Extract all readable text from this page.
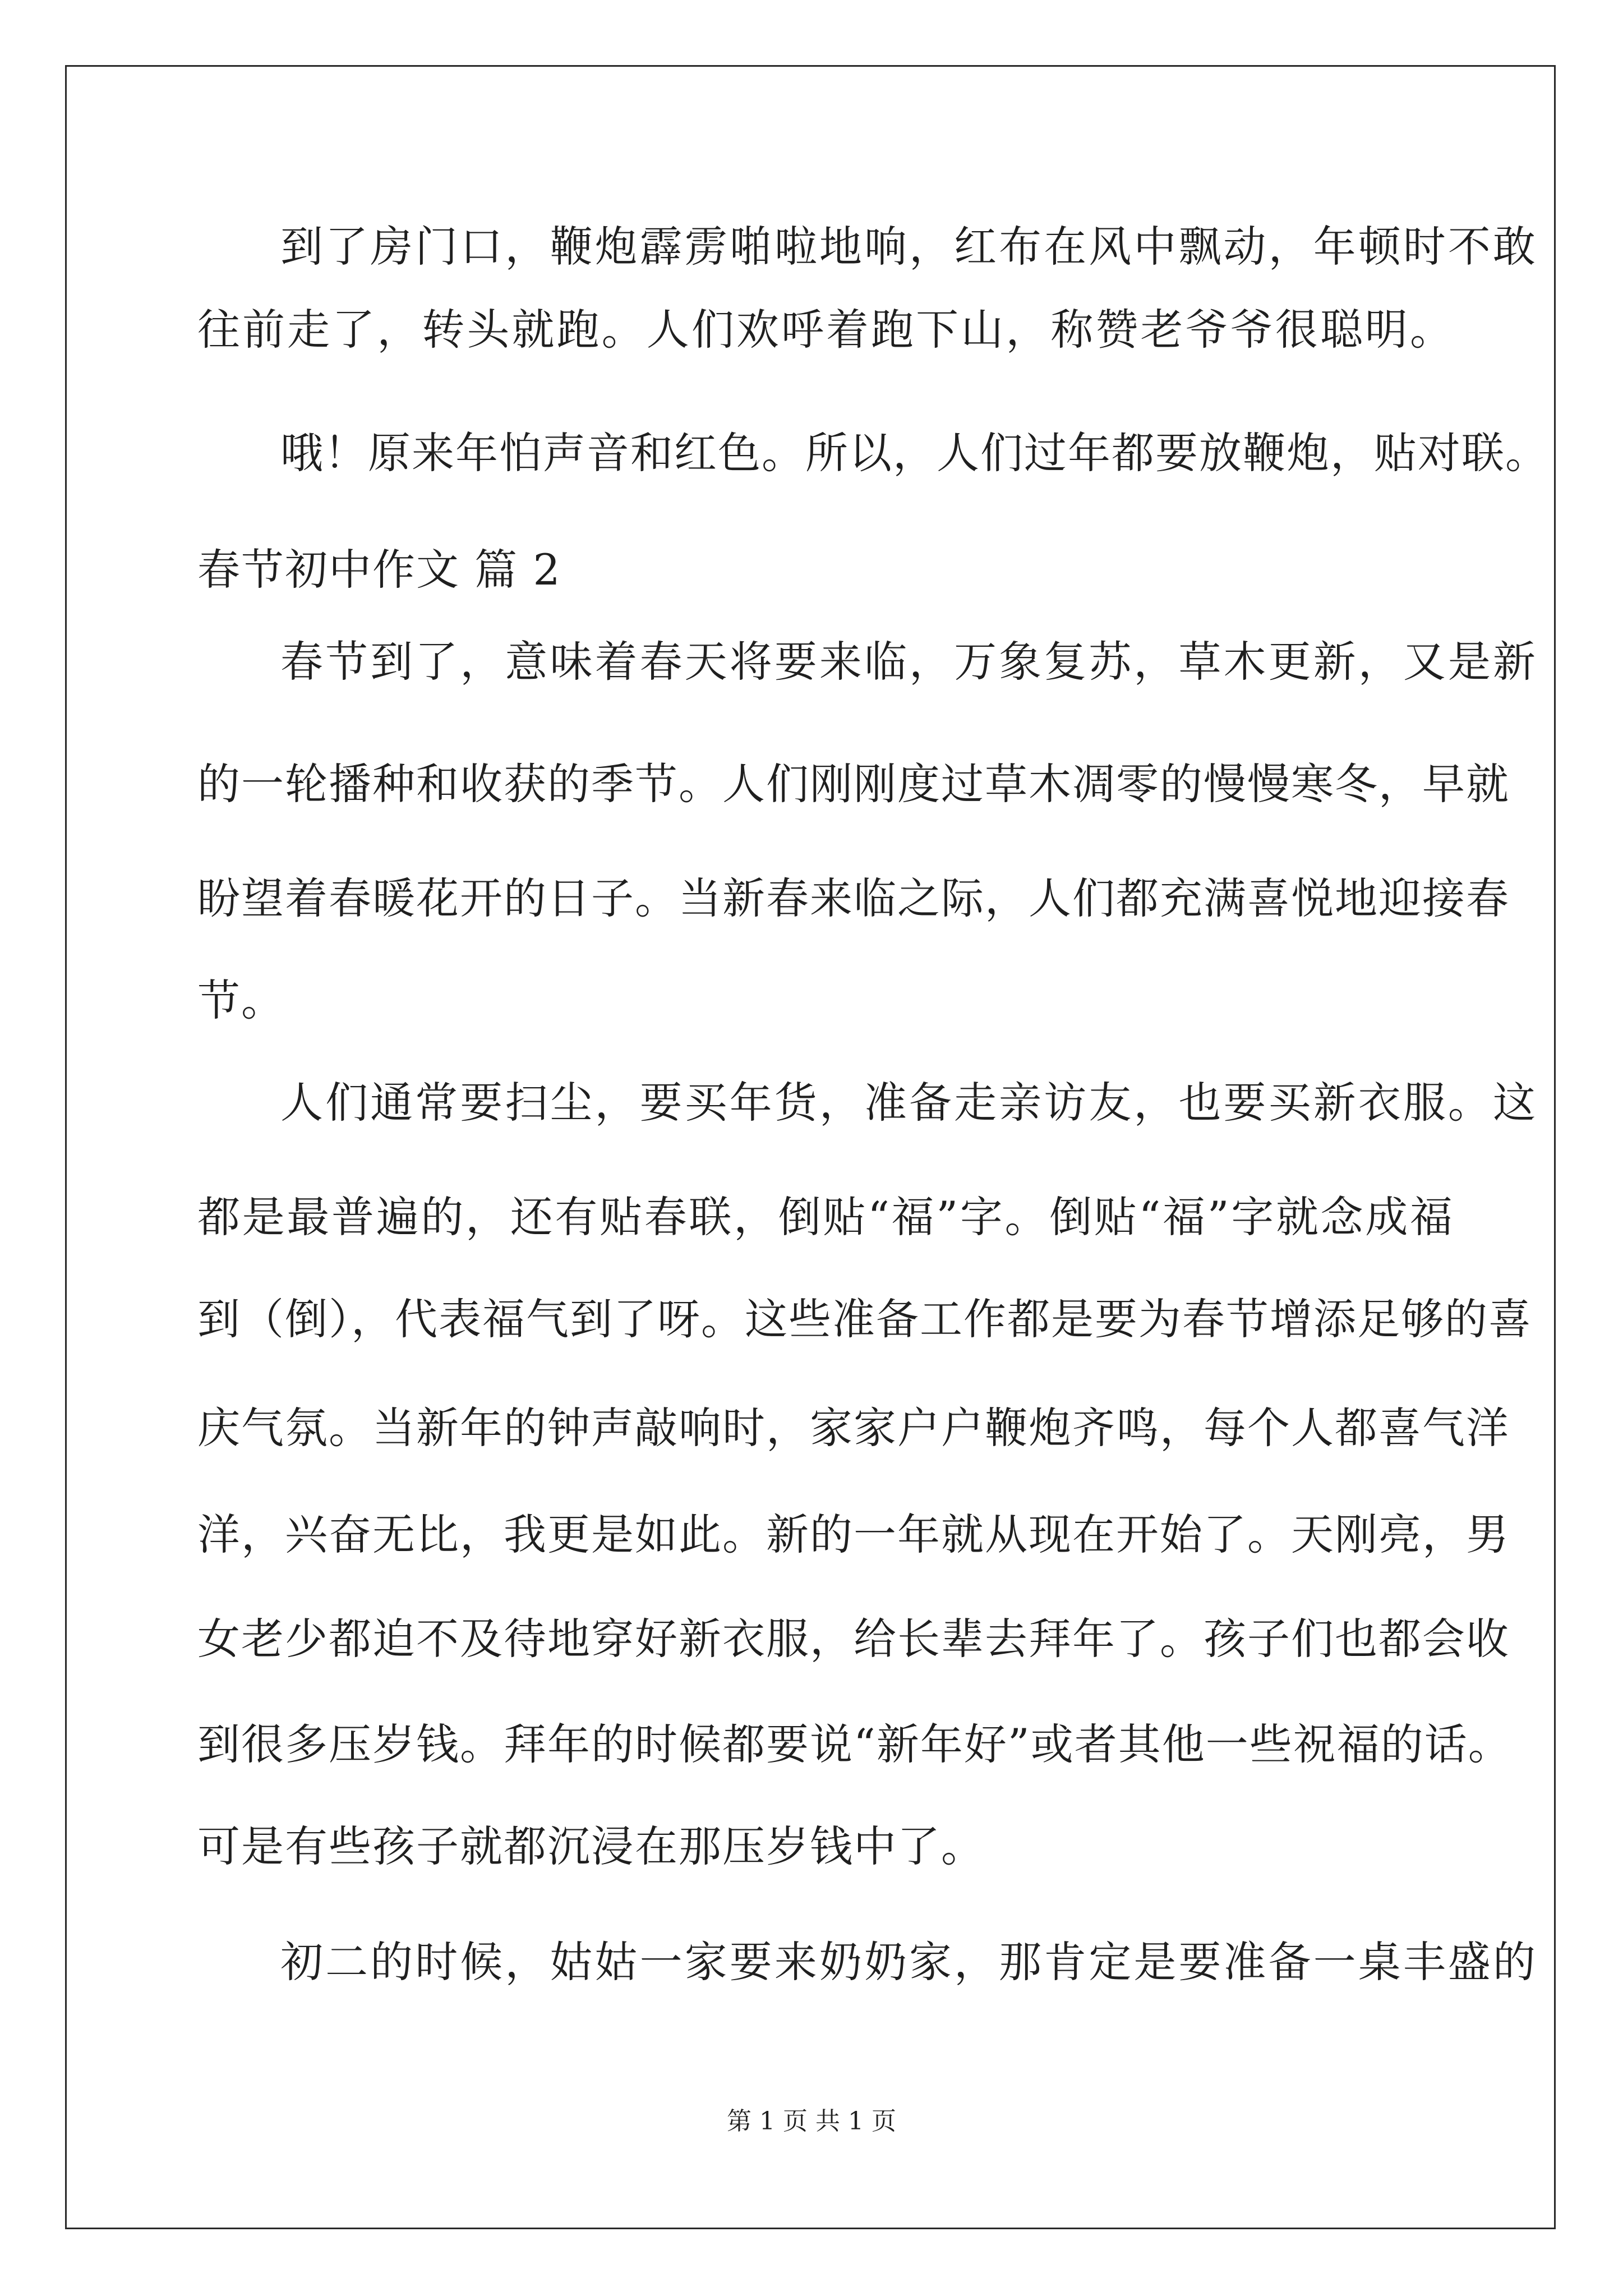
到了房门口，鞭炮霹雳啪啦地响，红布在风中飘动，年顿时不敢
往前走了，转头就跑。人们欢呼着跑下山，称赞老爷爷很聪明。
哦！原来年怕声音和红色。所以，人们过年都要放鞭炮，贴对联。
春节初中作文 篇 2
春节到了，意味着春天将要来临，万象复苏，草木更新，又是新
的一轮播种和收获的季节。人们刚刚度过草木凋零的慢慢寒冬，早就
盼望着春暖花开的日子。当新春来临之际，人们都充满喜悦地迎接春
节。
人们通常要扫尘，要买年货，准备走亲访友，也要买新衣服。这
都是最普遍的，还有贴春联，倒贴“福”字。倒贴“福”字就念成福
到（倒），代表福气到了呀。这些准备工作都是要为春节增添足够的喜
庆气氛。当新年的钟声敲响时，家家户户鞭炮齐鸣，每个人都喜气洋
洋，兴奋无比，我更是如此。新的一年就从现在开始了。天刚亮，男
女老少都迫不及待地穿好新衣服，给长辈去拜年了。孩子们也都会收
到很多压岁钱。拜年的时候都要说“新年好”或者其他一些祝福的话。
可是有些孩子就都沉浸在那压岁钱中了。
初二的时候，姑姑一家要来奶奶家，那肯定是要准备一桌丰盛的
第 1 页 共 1 页
